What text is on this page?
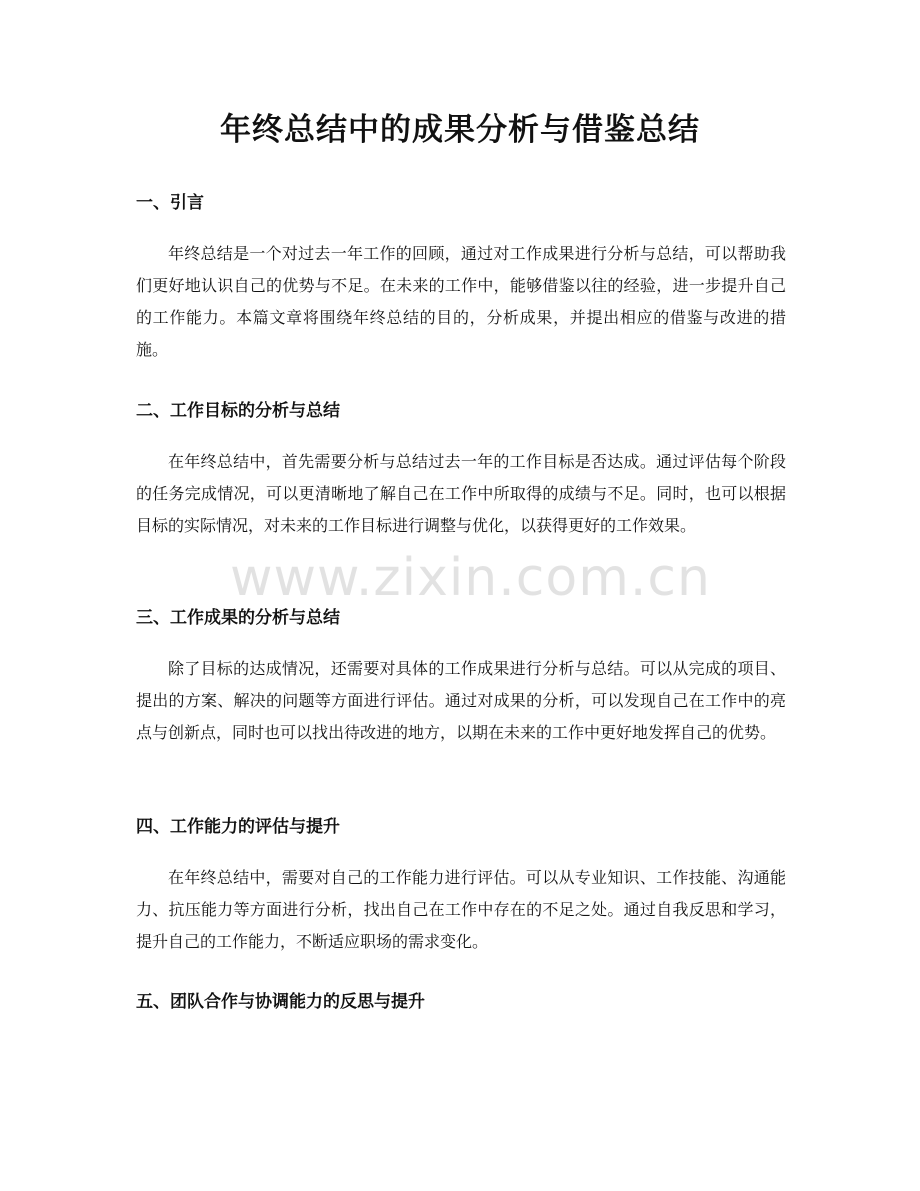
年终总结中的成果分析与借鉴总结
一、引言
年终总结是一个对过去一年工作的回顾，通过对工作成果进行分析与总结，可以帮助我们更好地认识自己的优势与不足。在未来的工作中，能够借鉴以往的经验，进一步提升自己的工作能力。本篇文章将围绕年终总结的目的，分析成果，并提出相应的借鉴与改进的措施。
二、工作目标的分析与总结
在年终总结中，首先需要分析与总结过去一年的工作目标是否达成。通过评估每个阶段的任务完成情况，可以更清晰地了解自己在工作中所取得的成绩与不足。同时，也可以根据目标的实际情况，对未来的工作目标进行调整与优化，以获得更好的工作效果。
三、工作成果的分析与总结
除了目标的达成情况，还需要对具体的工作成果进行分析与总结。可以从完成的项目、提出的方案、解决的问题等方面进行评估。通过对成果的分析，可以发现自己在工作中的亮点与创新点，同时也可以找出待改进的地方，以期在未来的工作中更好地发挥自己的优势。
四、工作能力的评估与提升
在年终总结中，需要对自己的工作能力进行评估。可以从专业知识、工作技能、沟通能力、抗压能力等方面进行分析，找出自己在工作中存在的不足之处。通过自我反思和学习，提升自己的工作能力，不断适应职场的需求变化。
五、团队合作与协调能力的反思与提升
www.zixin.com.cn
